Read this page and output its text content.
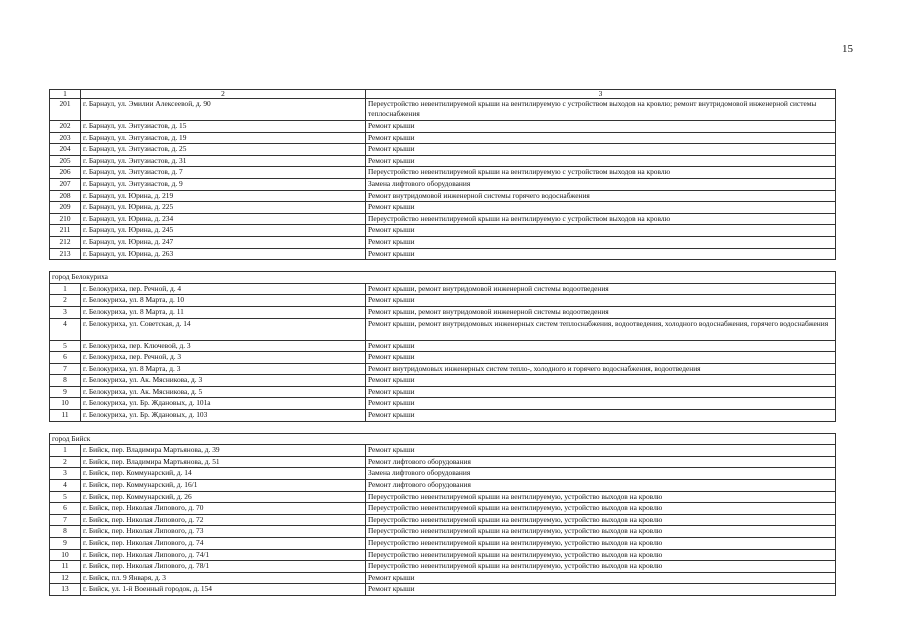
15
1	2	3
201	г. Барнаул, ул. Эмилии Алексеевой, д. 90	Переустройство невентилируемой крыши на вентилируемую с устройством выходов на кровлю; ремонт внутридомовой инженерной системы теплоснабжения
202	г. Барнаул, ул. Энтузиастов, д. 15	Ремонт крыши
203	г. Барнаул, ул. Энтузиастов, д. 19	Ремонт крыши
204	г. Барнаул, ул. Энтузиастов, д. 25	Ремонт крыши
205	г. Барнаул, ул. Энтузиастов, д. 31	Ремонт крыши
206	г. Барнаул, ул. Энтузиастов, д. 7	Переустройство невентилируемой крыши на вентилируемую с устройством выходов на кровлю
207	г. Барнаул, ул. Энтузиастов, д. 9	Замена лифтового оборудования
208	г. Барнаул, ул. Юрина, д. 219	Ремонт внутридомовой инженерной системы горячего водоснабжения
209	г. Барнаул, ул. Юрина, д. 225	Ремонт крыши
210	г. Барнаул, ул. Юрина, д. 234	Переустройство невентилируемой крыши на вентилируемую с устройством выходов на кровлю
211	г. Барнаул, ул. Юрина, д. 245	Ремонт крыши
212	г. Барнаул, ул. Юрина, д. 247	Ремонт крыши
213	г. Барнаул, ул. Юрина, д. 263	Ремонт крыши

город Белокуриха		
1	г. Белокуриха, пер. Речной, д. 4	Ремонт крыши, ремонт внутридомовой инженерной системы водоотведения
2	г. Белокуриха, ул. 8 Марта, д. 10	Ремонт крыши
3	г. Белокуриха, ул. 8 Марта, д. 11	Ремонт крыши, ремонт внутридомовой инженерной системы водоотведения
4	г. Белокуриха, ул. Советская, д. 14	Ремонт крыши, ремонт внутридомовых инженерных систем теплоснабжения, водоотведения, холодного водоснабжения, горячего водоснабжения
5	г. Белокуриха, пер. Ключевой, д. 3	Ремонт крыши
6	г. Белокуриха, пер. Речной, д. 3	Ремонт крыши
7	г. Белокуриха, ул. 8 Марта, д. 3	Ремонт внутридомовых инженерных систем тепло-, холодного и горячего водоснабжения, водоотведения
8	г. Белокуриха, ул. Ак. Мясникова, д. 3	Ремонт крыши
9	г. Белокуриха, ул. Ак. Мясникова, д. 5	Ремонт крыши
10	г. Белокуриха, ул. Бр. Ждановых, д. 101а	Ремонт крыши
11	г. Белокуриха, ул. Бр. Ждановых, д. 103	Ремонт крыши

город Бийск		
1	г. Бийск, пер. Владимира Мартьянова, д. 39	Ремонт крыши
2	г. Бийск, пер. Владимира Мартьянова, д. 51	Ремонт лифтового оборудования
3	г. Бийск, пер. Коммунарский, д. 14	Замена лифтового оборудования
4	г. Бийск, пер. Коммунарский, д. 16/1	Ремонт лифтового оборудования
5	г. Бийск, пер. Коммунарский, д. 26	Переустройство невентилируемой крыши на вентилируемую, устройство выходов на кровлю
6	г. Бийск, пер. Николая Липового, д. 70	Переустройство невентилируемой крыши на вентилируемую, устройство выходов на кровлю
7	г. Бийск, пер. Николая Липового, д. 72	Переустройство невентилируемой крыши на вентилируемую, устройство выходов на кровлю
8	г. Бийск, пер. Николая Липового, д. 73	Переустройство невентилируемой крыши на вентилируемую, устройство выходов на кровлю
9	г. Бийск, пер. Николая Липового, д. 74	Переустройство невентилируемой крыши на вентилируемую, устройство выходов на кровлю
10	г. Бийск, пер. Николая Липового, д. 74/1	Переустройство невентилируемой крыши на вентилируемую, устройство выходов на кровлю
11	г. Бийск, пер. Николая Липового, д. 78/1	Переустройство невентилируемой крыши на вентилируемую, устройство выходов на кровлю
12	г. Бийск, пл. 9 Января, д. 3	Ремонт крыши
13	г. Бийск, ул. 1-й Военный городок, д. 154	Ремонт крыши
